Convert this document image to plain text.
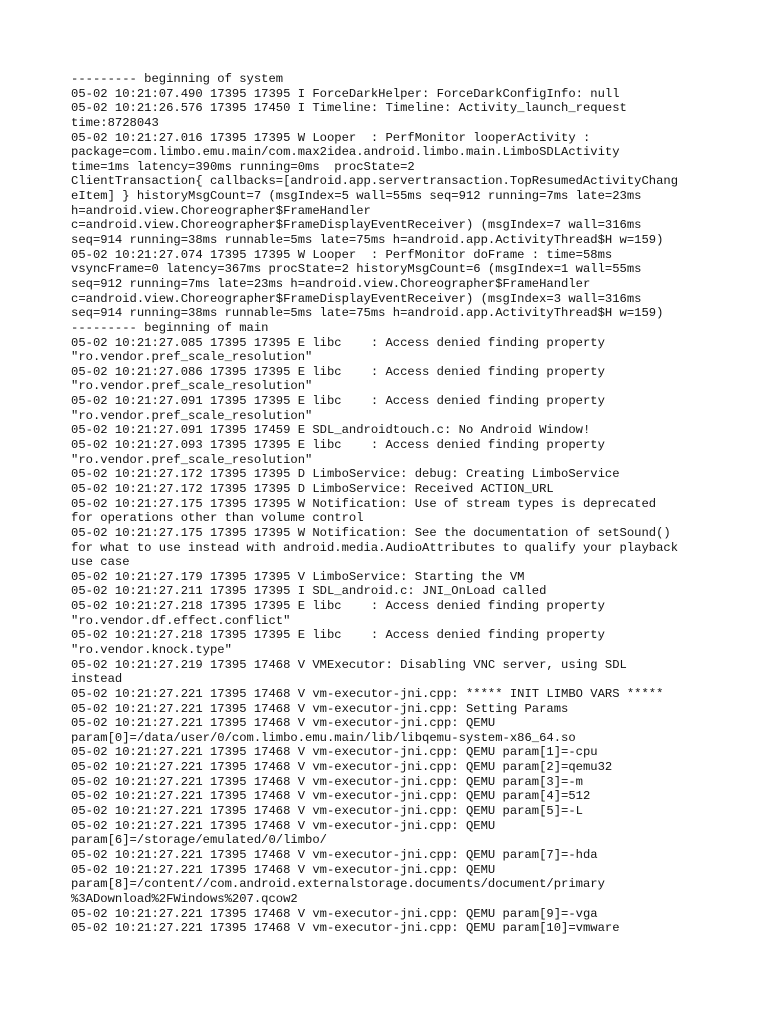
--------- beginning of system
05-02 10:21:07.490 17395 17395 I ForceDarkHelper: ForceDarkConfigInfo: null
05-02 10:21:26.576 17395 17450 I Timeline: Timeline: Activity_launch_request
time:8728043
05-02 10:21:27.016 17395 17395 W Looper  : PerfMonitor looperActivity :
package=com.limbo.emu.main/com.max2idea.android.limbo.main.LimboSDLActivity
time=1ms latency=390ms running=0ms  procState=2
ClientTransaction{ callbacks=[android.app.servertransaction.TopResumedActivityChang
eItem] } historyMsgCount=7 (msgIndex=5 wall=55ms seq=912 running=7ms late=23ms
h=android.view.Choreographer$FrameHandler
c=android.view.Choreographer$FrameDisplayEventReceiver) (msgIndex=7 wall=316ms
seq=914 running=38ms runnable=5ms late=75ms h=android.app.ActivityThread$H w=159)
05-02 10:21:27.074 17395 17395 W Looper  : PerfMonitor doFrame : time=58ms
vsyncFrame=0 latency=367ms procState=2 historyMsgCount=6 (msgIndex=1 wall=55ms
seq=912 running=7ms late=23ms h=android.view.Choreographer$FrameHandler
c=android.view.Choreographer$FrameDisplayEventReceiver) (msgIndex=3 wall=316ms
seq=914 running=38ms runnable=5ms late=75ms h=android.app.ActivityThread$H w=159)
--------- beginning of main
05-02 10:21:27.085 17395 17395 E libc    : Access denied finding property
"ro.vendor.pref_scale_resolution"
05-02 10:21:27.086 17395 17395 E libc    : Access denied finding property
"ro.vendor.pref_scale_resolution"
05-02 10:21:27.091 17395 17395 E libc    : Access denied finding property
"ro.vendor.pref_scale_resolution"
05-02 10:21:27.091 17395 17459 E SDL_androidtouch.c: No Android Window!
05-02 10:21:27.093 17395 17395 E libc    : Access denied finding property
"ro.vendor.pref_scale_resolution"
05-02 10:21:27.172 17395 17395 D LimboService: debug: Creating LimboService
05-02 10:21:27.172 17395 17395 D LimboService: Received ACTION_URL
05-02 10:21:27.175 17395 17395 W Notification: Use of stream types is deprecated
for operations other than volume control
05-02 10:21:27.175 17395 17395 W Notification: See the documentation of setSound()
for what to use instead with android.media.AudioAttributes to qualify your playback
use case
05-02 10:21:27.179 17395 17395 V LimboService: Starting the VM
05-02 10:21:27.211 17395 17395 I SDL_android.c: JNI_OnLoad called
05-02 10:21:27.218 17395 17395 E libc    : Access denied finding property
"ro.vendor.df.effect.conflict"
05-02 10:21:27.218 17395 17395 E libc    : Access denied finding property
"ro.vendor.knock.type"
05-02 10:21:27.219 17395 17468 V VMExecutor: Disabling VNC server, using SDL
instead
05-02 10:21:27.221 17395 17468 V vm-executor-jni.cpp: ***** INIT LIMBO VARS *****
05-02 10:21:27.221 17395 17468 V vm-executor-jni.cpp: Setting Params
05-02 10:21:27.221 17395 17468 V vm-executor-jni.cpp: QEMU
param[0]=/data/user/0/com.limbo.emu.main/lib/libqemu-system-x86_64.so
05-02 10:21:27.221 17395 17468 V vm-executor-jni.cpp: QEMU param[1]=-cpu
05-02 10:21:27.221 17395 17468 V vm-executor-jni.cpp: QEMU param[2]=qemu32
05-02 10:21:27.221 17395 17468 V vm-executor-jni.cpp: QEMU param[3]=-m
05-02 10:21:27.221 17395 17468 V vm-executor-jni.cpp: QEMU param[4]=512
05-02 10:21:27.221 17395 17468 V vm-executor-jni.cpp: QEMU param[5]=-L
05-02 10:21:27.221 17395 17468 V vm-executor-jni.cpp: QEMU
param[6]=/storage/emulated/0/limbo/
05-02 10:21:27.221 17395 17468 V vm-executor-jni.cpp: QEMU param[7]=-hda
05-02 10:21:27.221 17395 17468 V vm-executor-jni.cpp: QEMU
param[8]=/content//com.android.externalstorage.documents/document/primary
%3ADownload%2FWindows%207.qcow2
05-02 10:21:27.221 17395 17468 V vm-executor-jni.cpp: QEMU param[9]=-vga
05-02 10:21:27.221 17395 17468 V vm-executor-jni.cpp: QEMU param[10]=vmware
